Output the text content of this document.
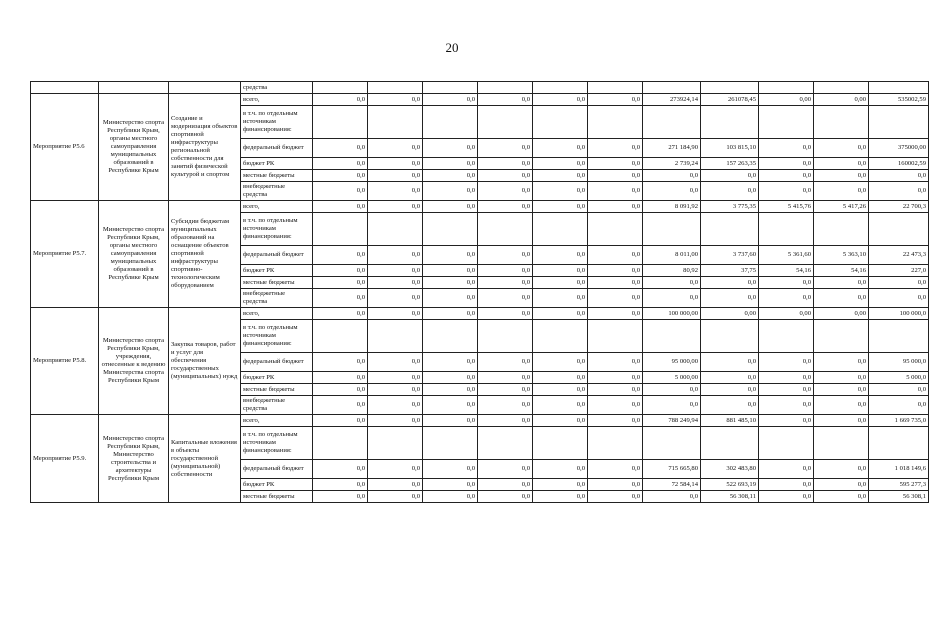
20
			средства											
Мероприятие P5.6	Министерство спорта Республики Крым, органы местного самоуправления муниципальных образований в Республике Крым	Создание и модернизация объектов спортивной инфраструктуры региональной собственности для занятий физической культурой и спортом	всего,	0,0	0,0	0,0	0,0	0,0	0,0	273924,14	261078,45	0,00	0,00	535002,59
			в т.ч. по отдельным источникам финансирования:											
			федеральный бюджет	0,0	0,0	0,0	0,0	0,0	0,0	271 184,90	103 815,10	0,0	0,0	375000,00
			бюджет РК	0,0	0,0	0,0	0,0	0,0	0,0	2 739,24	157 263,35	0,0	0,0	160002,59
			местные бюджеты	0,0	0,0	0,0	0,0	0,0	0,0	0,0	0,0	0,0	0,0	0,0
			внебюджетные средства	0,0	0,0	0,0	0,0	0,0	0,0	0,0	0,0	0,0	0,0	0,0
Мероприятие P5.7.	Министерство спорта Республики Крым, органы местного самоуправления муниципальных образований в Республике Крым	Субсидии бюджетам муниципальных образований на оснащение объектов спортивной инфраструктуры спортивно-технологическим оборудованием	всего,	0,0	0,0	0,0	0,0	0,0	0,0	8 091,92	3 775,35	5 415,76	5 417,26	22 700,3
			в т.ч. по отдельным источникам финансирования:											
			федеральный бюджет	0,0	0,0	0,0	0,0	0,0	0,0	8 011,00	3 737,60	5 361,60	5 363,10	22 473,3
			бюджет РК	0,0	0,0	0,0	0,0	0,0	0,0	80,92	37,75	54,16	54,16	227,0
			местные бюджеты	0,0	0,0	0,0	0,0	0,0	0,0	0,0	0,0	0,0	0,0	0,0
			внебюджетные средства	0,0	0,0	0,0	0,0	0,0	0,0	0,0	0,0	0,0	0,0	0,0
Мероприятие P5.8.	Министерство спорта Республики Крым, учреждения, отнесенные к ведению Министерства спорта Республики Крым	Закупка товаров, работ и услуг для обеспечения государственных (муниципальных) нужд	всего,	0,0	0,0	0,0	0,0	0,0	0,0	100 000,00	0,00	0,00	0,00	100 000,0
			в т.ч. по отдельным источникам финансирования:											
			федеральный бюджет	0,0	0,0	0,0	0,0	0,0	0,0	95 000,00	0,0	0,0	0,0	95 000,0
			бюджет РК	0,0	0,0	0,0	0,0	0,0	0,0	5 000,00	0,0	0,0	0,0	5 000,0
			местные бюджеты	0,0	0,0	0,0	0,0	0,0	0,0	0,0	0,0	0,0	0,0	0,0
			внебюджетные средства	0,0	0,0	0,0	0,0	0,0	0,0	0,0	0,0	0,0	0,0	0,0
Мероприятие P5.9.	Министерство спорта Республики Крым, Министерство строительства и архитектуры Республики Крым	Капитальные вложения в объекты государственной (муниципальной) собственности	всего,	0,0	0,0	0,0	0,0	0,0	0,0	788 249,94	881 485,10	0,0	0,0	1 669 735,0
			в т.ч. по отдельным источникам финансирования:											
			федеральный бюджет	0,0	0,0	0,0	0,0	0,0	0,0	715 665,80	302 483,80	0,0	0,0	1 018 149,6
			бюджет РК	0,0	0,0	0,0	0,0	0,0	0,0	72 584,14	522 693,19	0,0	0,0	595 277,3
			местные бюджеты	0,0	0,0	0,0	0,0	0,0	0,0	0,0	56 308,11	0,0	0,0	56 308,1
